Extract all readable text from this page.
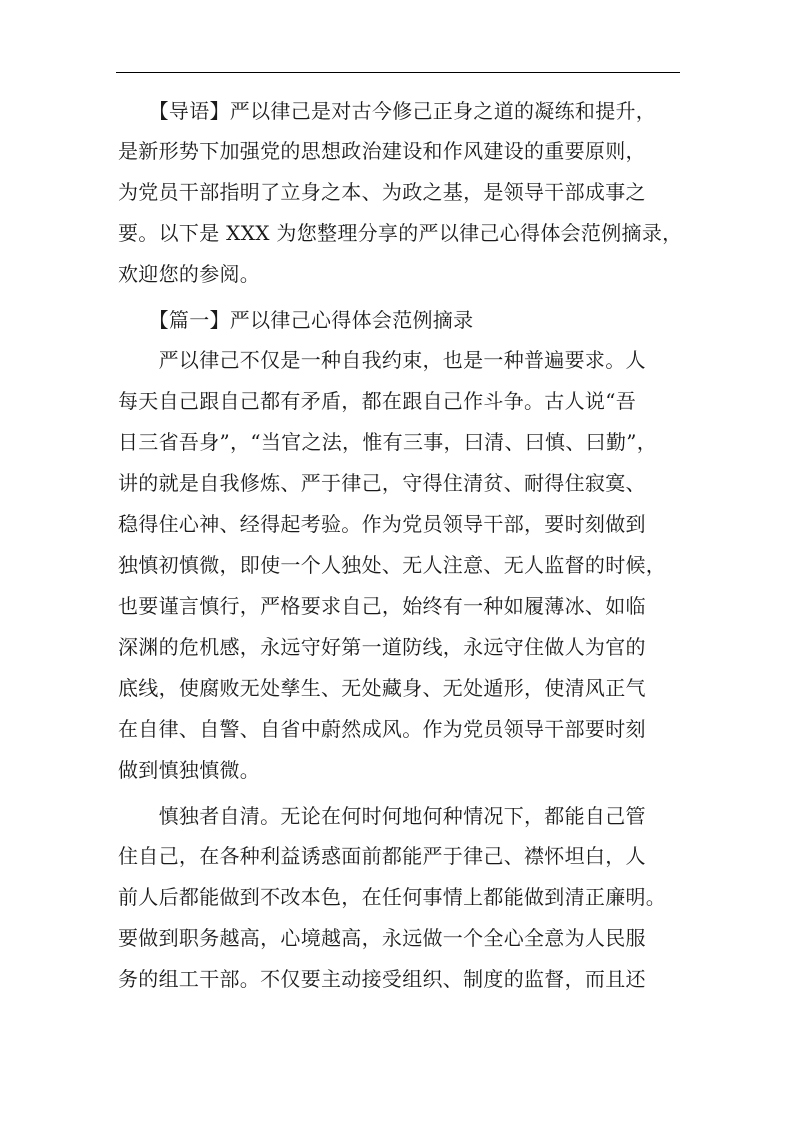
　　【导语】严以律己是对古今修己正身之道的凝练和提升，
是新形势下加强党的思想政治建设和作风建设的重要原则，
为党员干部指明了立身之本、为政之基，是领导干部成事之
要。以下是 XXX 为您整理分享的严以律己心得体会范例摘录，
欢迎您的参阅。
　　【篇一】严以律己心得体会范例摘录
　　严以律己不仅是一种自我约束，也是一种普遍要求。人
每天自己跟自己都有矛盾，都在跟自己作斗争。古人说“吾
日三省吾身”，“当官之法，惟有三事，曰清、曰慎、曰勤”，
讲的就是自我修炼、严于律己，守得住清贫、耐得住寂寞、
稳得住心神、经得起考验。作为党员领导干部，要时刻做到
独慎初慎微，即使一个人独处、无人注意、无人监督的时候，
也要谨言慎行，严格要求自己，始终有一种如履薄冰、如临
深渊的危机感，永远守好第一道防线，永远守住做人为官的
底线，使腐败无处孳生、无处藏身、无处遁形，使清风正气
在自律、自警、自省中蔚然成风。作为党员领导干部要时刻
做到慎独慎微。
　　慎独者自清。无论在何时何地何种情况下，都能自己管
住自己，在各种利益诱惑面前都能严于律己、襟怀坦白，人
前人后都能做到不改本色，在任何事情上都能做到清正廉明。
要做到职务越高，心境越高，永远做一个全心全意为人民服
务的组工干部。不仅要主动接受组织、制度的监督，而且还
